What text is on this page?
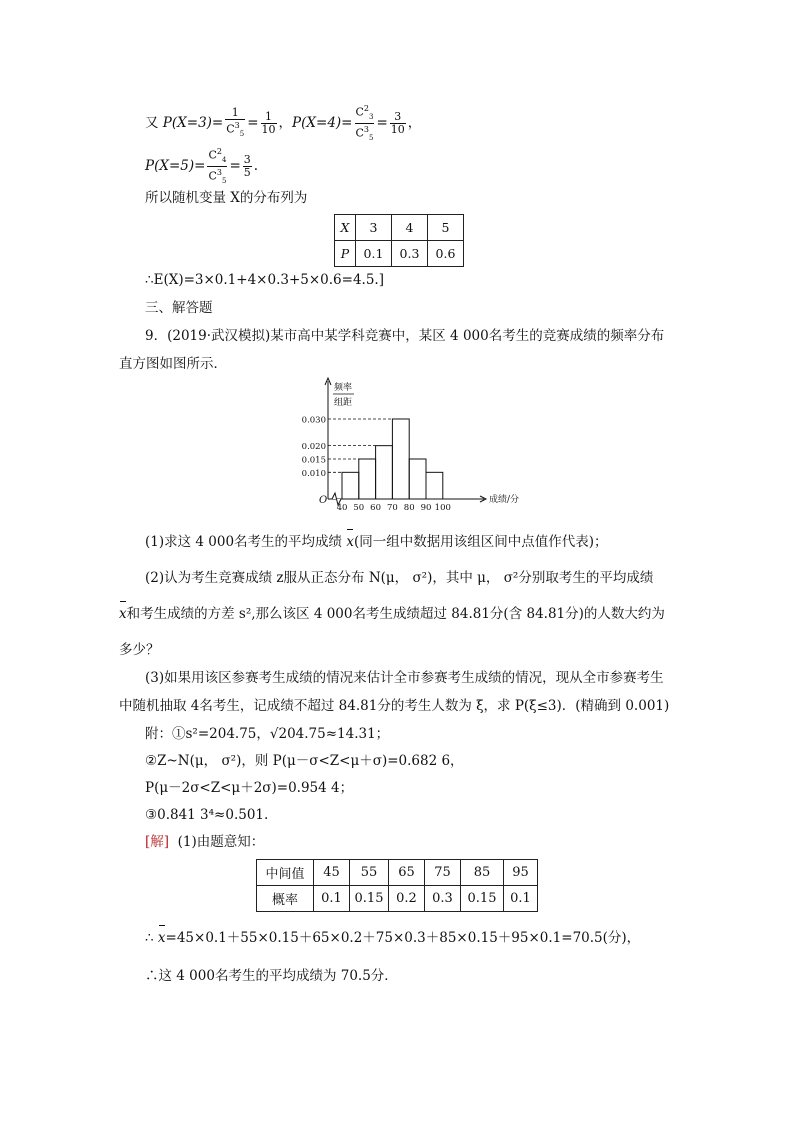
又 $P(X=3)= \frac{1}{C^3_5} = \frac{1}{10}$ ，$P(X=4)= \frac{C^2_3}{C^3_5} = \frac{3}{10}$ ，
$P(X=5)= \frac{C^2_4}{C^3_5} = \frac{3}{5}$ .
所以随机变量 X的分布列为
X	3	4	5
P	0.1	0.3	0.6
∴E(X)=3×0.1+4×0.3+5×0.6=4.5.]
三、解答题
9．(2019·武汉模拟)某市高中某学科竞赛中，某区 4 000名考生的竞赛成绩的频率分布
直方图如图所示．
0.010
0.015
0.020
0.030
40 50 60 70 80 90 100
O	成绩/分
频率
组距
(1)求这 4 000名考生的平均成绩 x(同一组中数据用该组区间中点值作代表)；
(2)认为考生竞赛成绩 z服从正态分布 N(μ， σ²)，其中 μ， σ²分别取考生的平均成绩
x和考生成绩的方差 s²,那么该区 4 000名考生成绩超过 84.81分(含 84.81分)的人数大约为
多少？
(3)如果用该区参赛考生成绩的情况来估计全市参赛考生成绩的情况，现从全市参赛考生
中随机抽取 4名考生，记成绩不超过 84.81分的考生人数为 ξ，求 P(ξ≤3)．(精确到 0.001)
附：①s²=204.75，√204.75≈14.31；
②Z~N(μ， σ²)，则 P(μ－σ<Z<μ＋σ)=0.682 6，
P(μ－2σ<Z<μ＋2σ)=0.954 4；
③0.841 3⁴≈0.501.
[解] (1)由题意知：
中间值	45	55	65	75	85	95
概率	0.1	0.15	0.2	0.3	0.15	0.1
∴ x=45×0.1＋55×0.15＋65×0.2＋75×0.3＋85×0.15＋95×0.1=70.5(分)，
∴这 4 000名考生的平均成绩为 70.5分．
